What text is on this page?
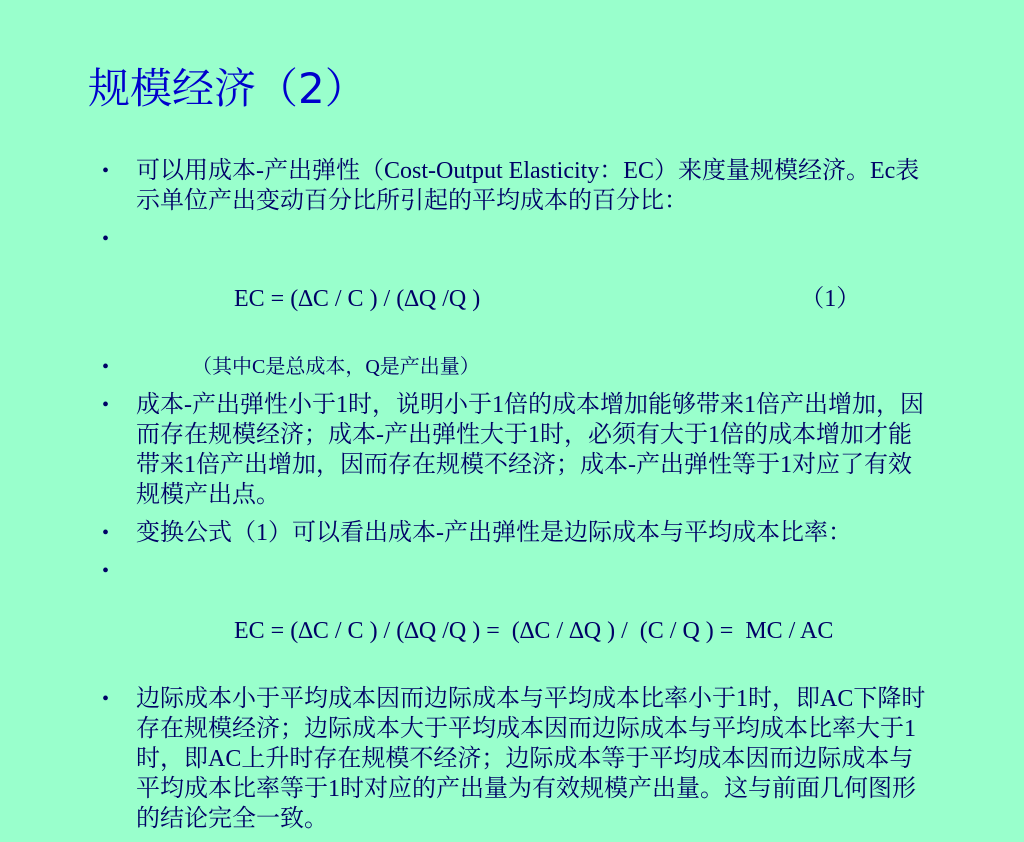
规模经济（2）
• 可以用成本-产出弹性（Cost-Output Elasticity：EC）来度量规模经济。Ec表示单位产出变动百分比所引起的平均成本的百分比：

•

EC = (∆C / C ) / (∆Q /Q )	（1）

•	（其中C是总成本，Q是产出量）
• 成本-产出弹性小于1时，说明小于1倍的成本增加能够带来1倍产出增加，因而存在规模经济；成本-产出弹性大于1时，必须有大于1倍的成本增加才能带来1倍产出增加，因而存在规模不经济；成本-产出弹性等于1对应了有效规模产出点。
• 变换公式（1）可以看出成本-产出弹性是边际成本与平均成本比率：

•

EC = (∆C / C ) / (∆Q /Q ) =  (∆C / ∆Q ) /  (C / Q ) =  MC / AC

• 边际成本小于平均成本因而边际成本与平均成本比率小于1时，即AC下降时存在规模经济；边际成本大于平均成本因而边际成本与平均成本比率大于1时，即AC上升时存在规模不经济；边际成本等于平均成本因而边际成本与平均成本比率等于1时对应的产出量为有效规模产出量。这与前面几何图形的结论完全一致。
